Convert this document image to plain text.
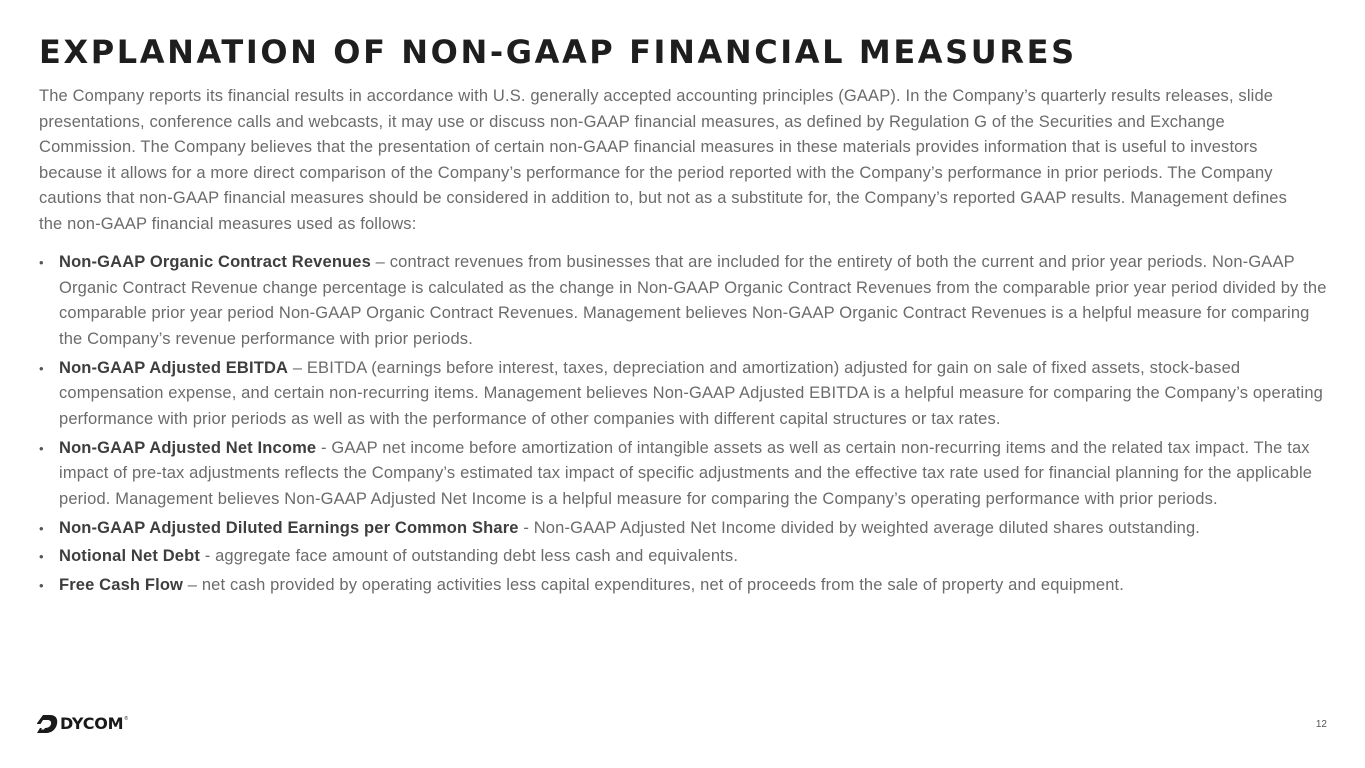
EXPLANATION OF NON-GAAP FINANCIAL MEASURES

The Company reports its financial results in accordance with U.S. generally accepted accounting principles (GAAP). In the Company’s quarterly results releases, slide presentations, conference calls and webcasts, it may use or discuss non-GAAP financial measures, as defined by Regulation G of the Securities and Exchange Commission. The Company believes that the presentation of certain non-GAAP financial measures in these materials provides information that is useful to investors because it allows for a more direct comparison of the Company’s performance for the period reported with the Company’s performance in prior periods. The Company cautions that non-GAAP financial measures should be considered in addition to, but not as a substitute for, the Company’s reported GAAP results. Management defines the non-GAAP financial measures used as follows:

• Non-GAAP Organic Contract Revenues – contract revenues from businesses that are included for the entirety of both the current and prior year periods. Non-GAAP Organic Contract Revenue change percentage is calculated as the change in Non-GAAP Organic Contract Revenues from the comparable prior year period divided by the comparable prior year period Non-GAAP Organic Contract Revenues. Management believes Non-GAAP Organic Contract Revenues is a helpful measure for comparing the Company’s revenue performance with prior periods.
• Non-GAAP Adjusted EBITDA – EBITDA (earnings before interest, taxes, depreciation and amortization) adjusted for gain on sale of fixed assets, stock-based compensation expense, and certain non-recurring items. Management believes Non-GAAP Adjusted EBITDA is a helpful measure for comparing the Company’s operating performance with prior periods as well as with the performance of other companies with different capital structures or tax rates.
• Non-GAAP Adjusted Net Income - GAAP net income before amortization of intangible assets as well as certain non-recurring items and the related tax impact. The tax impact of pre-tax adjustments reflects the Company’s estimated tax impact of specific adjustments and the effective tax rate used for financial planning for the applicable period. Management believes Non-GAAP Adjusted Net Income is a helpful measure for comparing the Company’s operating performance with prior periods.
• Non-GAAP Adjusted Diluted Earnings per Common Share - Non-GAAP Adjusted Net Income divided by weighted average diluted shares outstanding.
• Notional Net Debt - aggregate face amount of outstanding debt less cash and equivalents.
• Free Cash Flow – net cash provided by operating activities less capital expenditures, net of proceeds from the sale of property and equipment.
DYCOM ®	12
